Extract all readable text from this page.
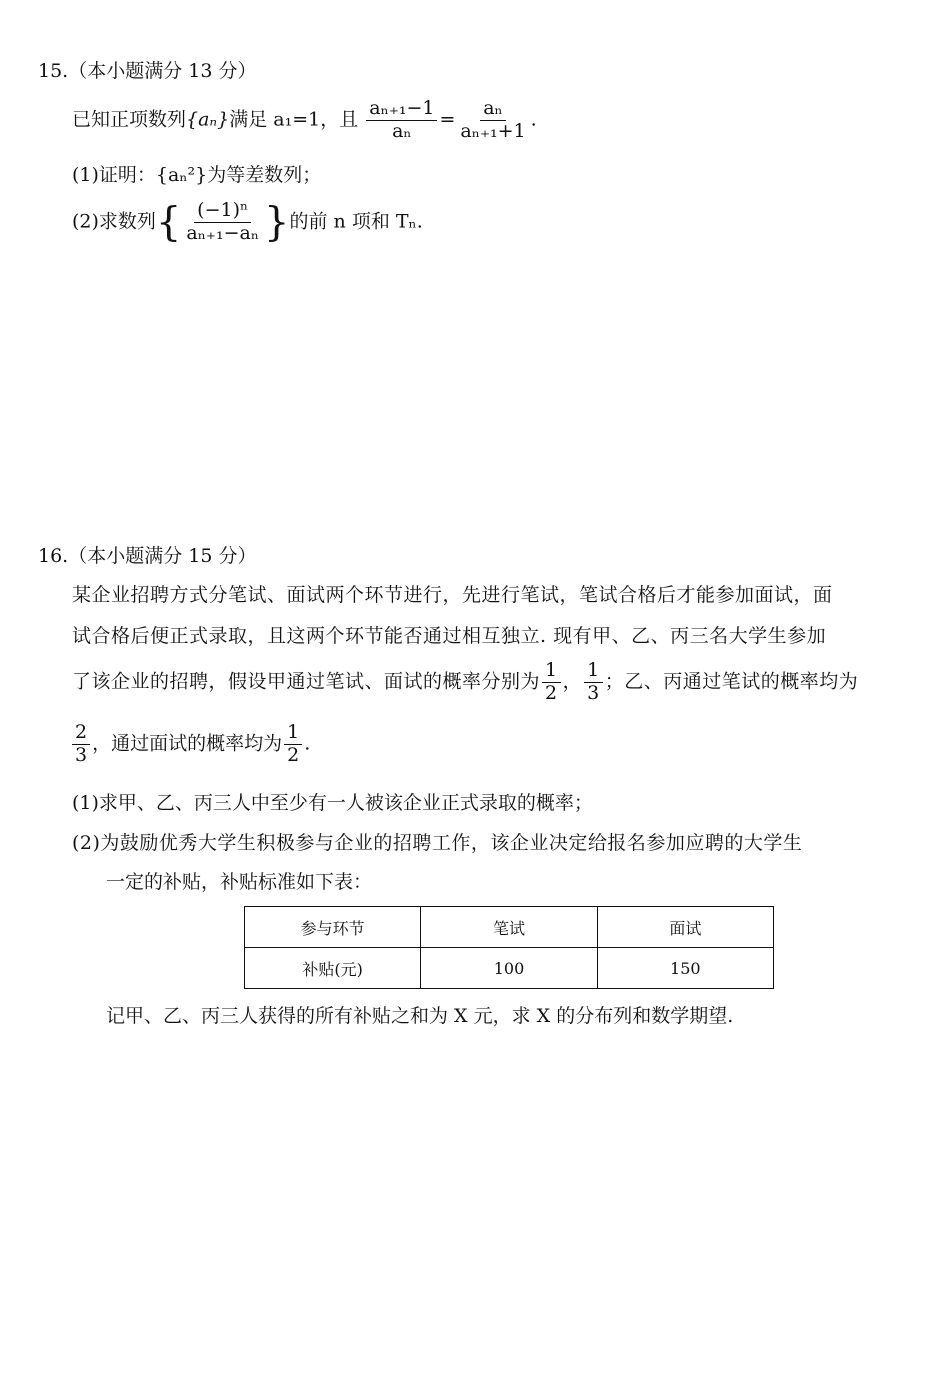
15.（本小题满分 13 分）
已知正项数列{aₙ}满足 a₁=1，且 $\frac{\text{aₙ₊₁−1}}{\text{aₙ}} = \frac{\text{aₙ}}{\text{aₙ₊₁+1}}$ .
(1)证明：{aₙ²}为等差数列；
(2)求数列{ $\frac{\text{(−1)ⁿ}}{\text{aₙ₊₁−aₙ}}$ }的前 n 项和 Tₙ.
16.（本小题满分 15 分）
某企业招聘方式分笔试、面试两个环节进行，先进行笔试，笔试合格后才能参加面试，面
试合格后便正式录取，且这两个环节能否通过相互独立. 现有甲、乙、丙三名大学生参加
了该企业的招聘，假设甲通过笔试、面试的概率分别为 $\frac{1}{2}$ ， $\frac{1}{3}$ ；乙、丙通过笔试的概率均为
$\frac{2}{3}$ ，通过面试的概率均为 $\frac{1}{2}$ .
(1)求甲、乙、丙三人中至少有一人被该企业正式录取的概率；
(2)为鼓励优秀大学生积极参与企业的招聘工作，该企业决定给报名参加应聘的大学生
一定的补贴，补贴标准如下表：
参与环节	笔试	面试
补贴(元)	100	150
记甲、乙、丙三人获得的所有补贴之和为 X 元，求 X 的分布列和数学期望.
